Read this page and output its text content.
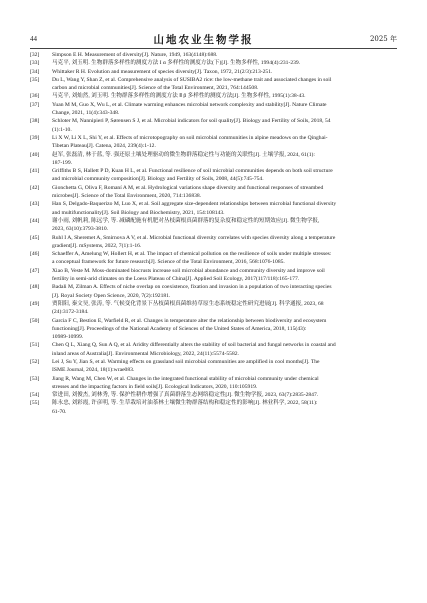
44	山地农业生物学报	2025 年
[32] Simpson E H. Measurement of diversity[J]. Nature, 1949, 163(4148):688.
[33] 马克平, 刘玉明. 生物群落多样性的测度方法 I α 多样性的测度方法(下)[J]. 生物多样性, 1994(4):231-239.
[34] Whittaker R H. Evolution and measurement of species diversity[J]. Taxon, 1972, 21(2/3):213-251.
[35] Du L, Wang Y, Shan Z, et al. Comprehensive analysis of SUSIBA2 rice: the low-methane trait and associated changes in soil
carbon and microbial communities[J]. Science of the Total Environment, 2021, 764:144508.
[36] 马克平, 刘灿然, 刘玉明. 生物群落多样性的测度方法 Ⅱ β 多样性的测度方法[J]. 生物多样性, 1995(1):38-43.
[37] Yuan M M, Guo X, Wu L, et al. Climate warming enhances microbial network complexity and stability[J]. Nature Climate
Change, 2021, 11(4):343-348.
[38] Schloter M, Nannipieri P, Sørensen S J, et al. Microbial indicators for soil quality[J]. Biology and Fertility of Soils, 2018, 54
(1):1-10.
[39] Li X W, Li X L, Shi Y, et al. Effects of microtopography on soil microbial communities in alpine meadows on the Qinghai-
Tibetan Plateau[J]. Catena, 2024, 239(4):1-12.
[40] 赵军, 张磊清, 林于蓝, 等. 强还原土壤处理驱动的微生物群落稳定性与功能的关联性[J]. 土壤学报, 2024, 61(1):
187-199.
[41] Griffiths B S, Hallett P D, Kuan H L, et al. Functional resilience of soil microbial communities depends on both soil structure
and microbial community composition[J]. Biology and Fertility of Soils, 2008, 44(5):745-754.
[42] Gionchetta G, Oliva F, Romaní A M, et al. Hydrological variations shape diversity and functional responses of streambed
microbes[J]. Science of the Total Environment, 2020, 714:136838.
[43] Han S, Delgado-Baquerizo M, Luo X, et al. Soil aggregate size-dependent relationships between microbial functional diversity
and multifunctionality[J]. Soil Biology and Biochemistry, 2021, 154:108143.
[44] 谢小雨, 刘帆莉, 陈远学, 等. 减磷配施有机肥对丛枝菌根真菌群落的复杂度和稳定性的短期效应[J]. 微生物学报,
2023, 63(10):3793-3810.
[45] Ruhl I A, Sheremet A, Smirnova A V, et al. Microbial functional diversity correlates with species diversity along a temperature
gradient[J]. mSystems, 2022, 7(1):1-16.
[46] Schaeffer A, Amelung W, Hollert H, et al. The impact of chemical pollution on the resilience of soils under multiple stresses:
a conceptual framework for future research[J]. Science of the Total Environment, 2016, 568:1076-1085.
[47] Xiao B, Veste M. Moss-dominated biocrusts increase soil microbial abundance and community diversity and improve soil
fertility in semi-arid climates on the Loess Plateau of China[J]. Applied Soil Ecology, 2017(117/118):165-177.
[48] Badali M, Zilman A. Effects of niche overlap on coexistence, fixation and invasion in a population of two interacting species
[J]. Royal Society Open Science, 2020, 7(2):192181.
[49] 贾阳阳, 秦文昊, 张涛, 等. 气候变化背景下丛枝菌根真菌维持草原生态系统稳定性研究进展[J]. 科学通报, 2023, 68
(24):3172-3184.
[50] Garcia F C, Bestion E, Warfield R, et al. Changes in temperature alter the relationship between biodiversity and ecosystem
functioning[J]. Proceedings of the National Academy of Sciences of the United States of America, 2018, 115(43):
10989-10999.
[51] Chen Q L, Xiang Q, Sun A Q, et al. Aridity differentially alters the stability of soil bacterial and fungal networks in coastal and
inland areas of Australia[J]. Environmental Microbiology, 2022, 24(11):5574-5582.
[52] Lei J, Su Y, Jian S, et al. Warming effects on grassland soil microbial communities are amplified in cool months[J]. The
ISME Journal, 2024, 18(1):wrae083.
[53] Jiang R, Wang M, Chen W, et al. Changes in the integrated functional stability of microbial community under chemical
stresses and the impacting factors in field soils[J]. Ecological Indicators, 2020, 110:105919.
[54] 常进田, 刘俊杰, 刘林秀, 等. 保护性耕作增强了真菌群落生态网络稳定性[J]. 微生物学报, 2023, 63(7):2835-2847.
[55] 陈永忠, 刘彩霞, 许彦明, 等. 生草栽培对油茶林土壤微生物群落结构和稳定性的影响[J]. 林业科学, 2022, 58(11):
61-70.
